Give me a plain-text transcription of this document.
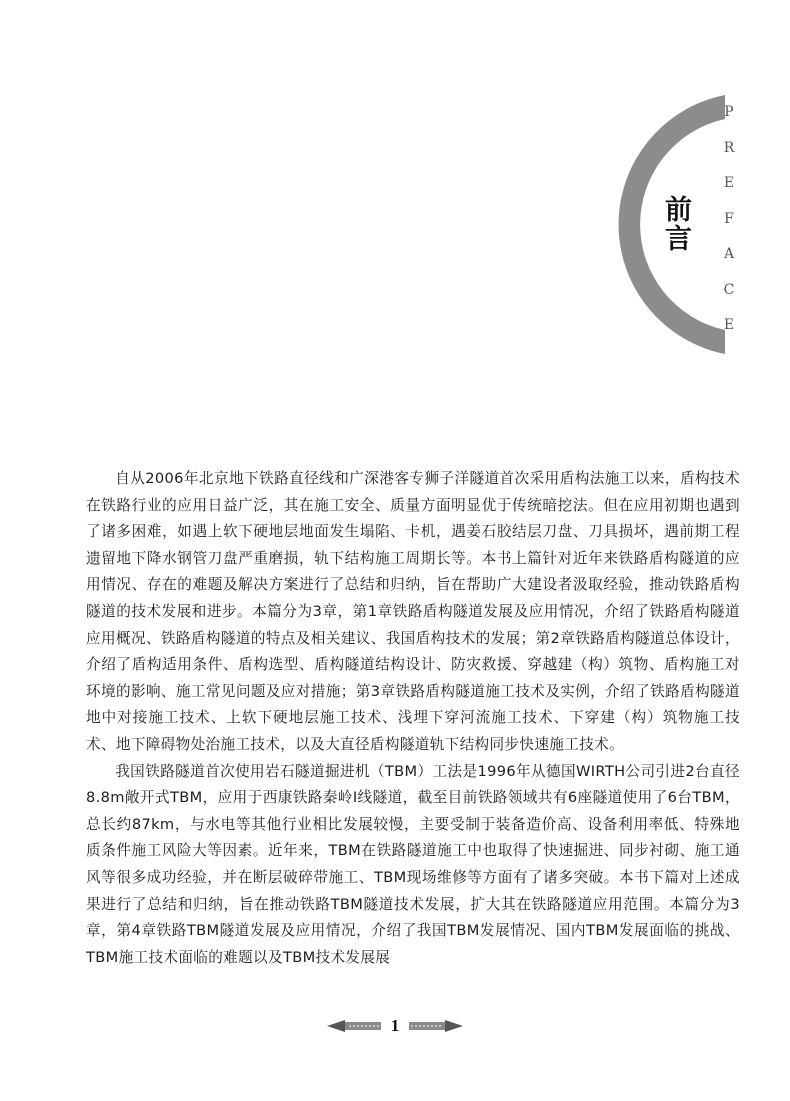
前言
P
R
E
F
A
C
E

自从2006年北京地下铁路直径线和广深港客专狮子洋隧道首次采用盾构法施工以来，盾构技术在铁路行业的应用日益广泛，其在施工安全、质量方面明显优于传统暗挖法。但在应用初期也遇到了诸多困难，如遇上软下硬地层地面发生塌陷、卡机，遇姜石胶结层刀盘、刀具损坏，遇前期工程遗留地下降水钢管刀盘严重磨损，轨下结构施工周期长等。本书上篇针对近年来铁路盾构隧道的应用情况、存在的难题及解决方案进行了总结和归纳，旨在帮助广大建设者汲取经验，推动铁路盾构隧道的技术发展和进步。本篇分为3章，第1章铁路盾构隧道发展及应用情况，介绍了铁路盾构隧道应用概况、铁路盾构隧道的特点及相关建议、我国盾构技术的发展；第2章铁路盾构隧道总体设计，介绍了盾构适用条件、盾构选型、盾构隧道结构设计、防灾救援、穿越建（构）筑物、盾构施工对环境的影响、施工常见问题及应对措施；第3章铁路盾构隧道施工技术及实例，介绍了铁路盾构隧道地中对接施工技术、上软下硬地层施工技术、浅埋下穿河流施工技术、下穿建（构）筑物施工技术、地下障碍物处治施工技术，以及大直径盾构隧道轨下结构同步快速施工技术。

我国铁路隧道首次使用岩石隧道掘进机（TBM）工法是1996年从德国WIRTH公司引进2台直径8.8m敞开式TBM，应用于西康铁路秦岭Ⅰ线隧道，截至目前铁路领域共有6座隧道使用了6台TBM，总长约87km，与水电等其他行业相比发展较慢，主要受制于装备造价高、设备利用率低、特殊地质条件施工风险大等因素。近年来，TBM在铁路隧道施工中也取得了快速掘进、同步衬砌、施工通风等很多成功经验，并在断层破碎带施工、TBM现场维修等方面有了诸多突破。本书下篇对上述成果进行了总结和归纳，旨在推动铁路TBM隧道技术发展，扩大其在铁路隧道应用范围。本篇分为3章，第4章铁路TBM隧道发展及应用情况，介绍了我国TBM发展情况、国内TBM发展面临的挑战、TBM施工技术面临的难题以及TBM技术发展展

1
